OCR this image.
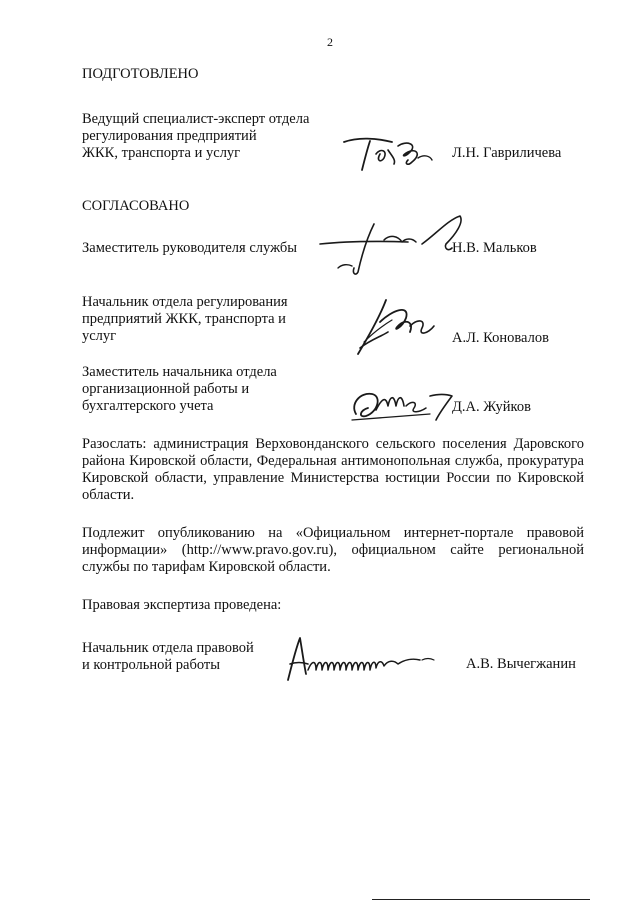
2
ПОДГОТОВЛЕНО
Ведущий специалист-эксперт отдела
регулирования предприятий
ЖКК, транспорта и услуг	Л.Н. Гавриличева
СОГЛАСОВАНО
Заместитель руководителя службы	Н.В. Мальков
Начальник отдела регулирования
предприятий ЖКК, транспорта и
услуг	А.Л. Коновалов
Заместитель начальника отдела
организационной работы и
бухгалтерского учета	Д.А. Жуйков
Разослать: администрация Верховонданского сельского поселения Даровского района Кировской области, Федеральная антимонопольная служба, прокуратура Кировской области, управление Министерства юстиции России по Кировской области.
Подлежит опубликованию на «Официальном интернет-портале правовой информации» (http://www.pravo.gov.ru), официальном сайте региональной службы по тарифам Кировской области.
Правовая экспертиза проведена:
Начальник отдела правовой
и контрольной работы	А.В. Вычегжанин
